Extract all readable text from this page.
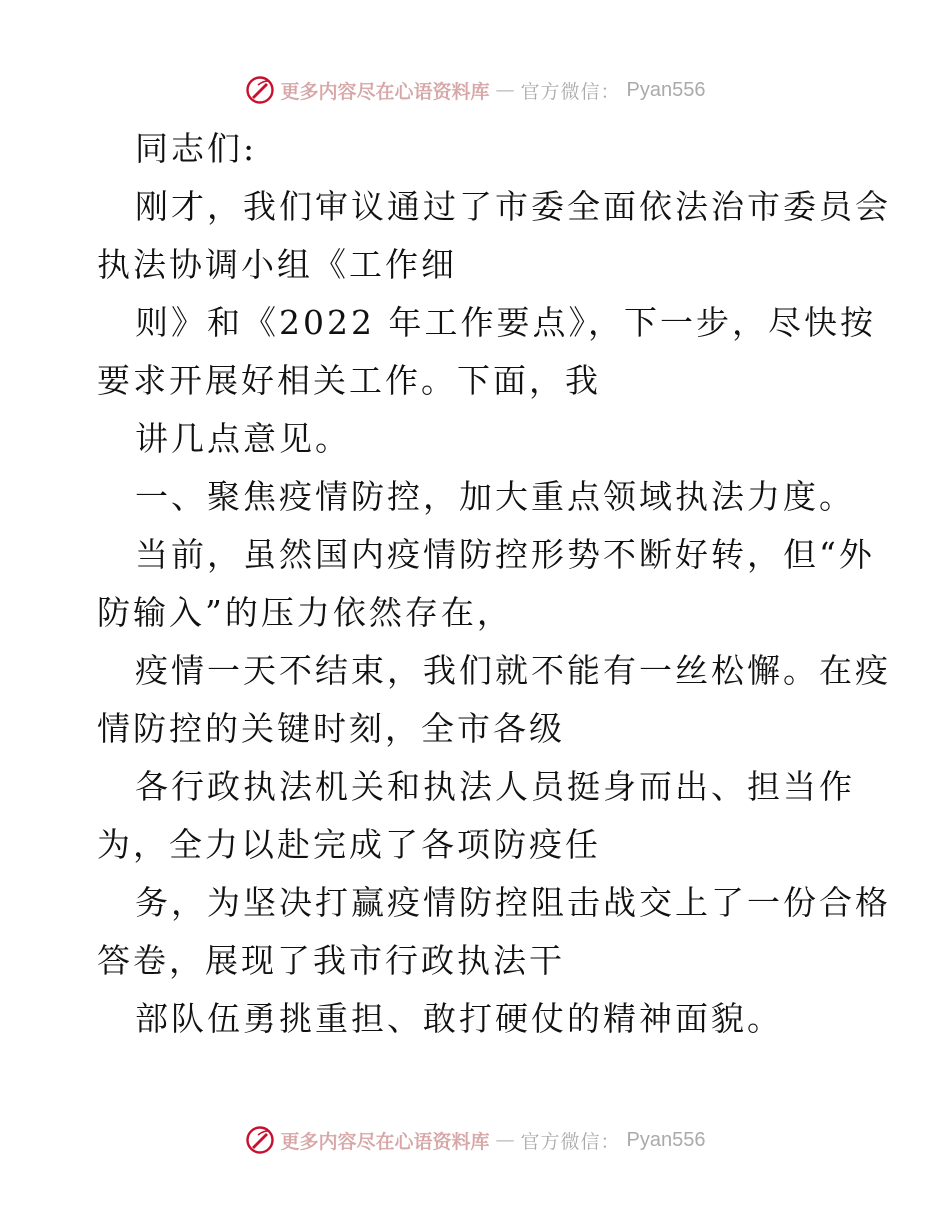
更多内容尽在心语资料库 — 官方微信： Pyan556
同志们:
刚才，我们审议通过了市委全面依法治市委员会
执法协调小组《工作细
则》和《2022 年工作要点》，下一步，尽快按
要求开展好相关工作。下面，我
讲几点意见。
一、聚焦疫情防控，加大重点领域执法力度。
当前，虽然国内疫情防控形势不断好转，但“外
防输入”的压力依然存在，
疫情一天不结束，我们就不能有一丝松懈。在疫
情防控的关键时刻，全市各级
各行政执法机关和执法人员挺身而出、担当作
为，全力以赴完成了各项防疫任
务，为坚决打赢疫情防控阻击战交上了一份合格
答卷，展现了我市行政执法干
部队伍勇挑重担、敢打硬仗的精神面貌。
更多内容尽在心语资料库 — 官方微信： Pyan556
